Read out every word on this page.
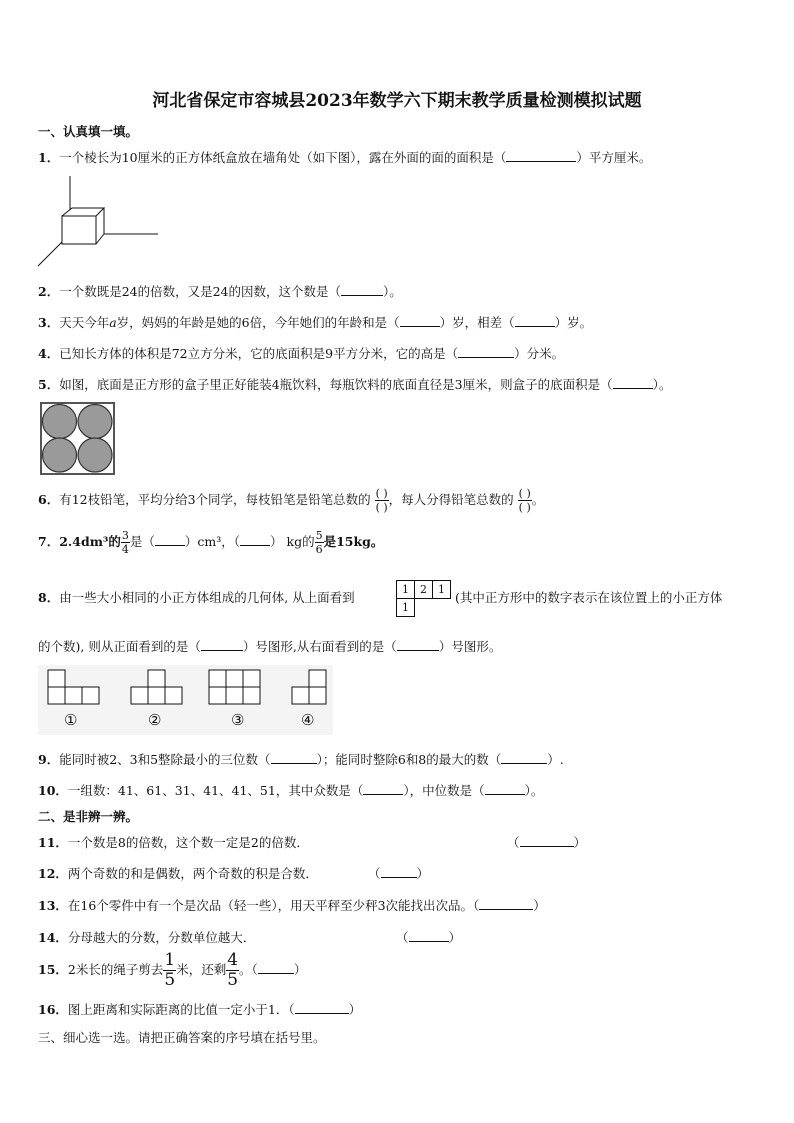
河北省保定市容城县2023年数学六下期末教学质量检测模拟试题
一、认真填一填。
1．一个棱长为10厘米的正方体纸盒放在墙角处（如下图），露在外面的面的面积是（	）平方厘米。
2．一个数既是24的倍数，又是24的因数，这个数是（	）。
3．天天今年a岁，妈妈的年龄是她的6倍，今年她们的年龄和是（	）岁，相差（	）岁。
4．已知长方体的体积是72立方分米，它的底面积是9平方分米，它的高是（	）分米。
5．如图，底面是正方形的盒子里正好能装4瓶饮料，每瓶饮料的底面直径是3厘米，则盒子的底面积是（	）。
6．有12枝铅笔，平均分给3个同学，每枝铅笔是铅笔总数的 $\frac{( )}{( )}$ ，每人分得铅笔总数的 $\frac{( )}{( )}$ 。
7．2.4dm³的 $\frac{3}{4}$ 是（ ）cm³，（ ） kg的 $\frac{5}{6}$ 是15kg。
8．由一些大小相同的小正方体组成的几何体, 从上面看到
1	2	1
1
(其中正方形中的数字表示在该位置上的小正方体
的个数), 则从正面看到的是（	）号图形,从右面看到的是（	）号图形。
①	②	③	④
9．能同时被2、3和5整除最小的三位数（	）；能同时整除6和8的最大的数（	）.
10．一组数：41、61、31、41、41、51，其中众数是（	），中位数是（	）。
二、是非辨一辨。
11．一个数是8的倍数，这个数一定是2的倍数．	（	）
12．两个奇数的和是偶数，两个奇数的积是合数．	（	）
13．在16个零件中有一个是次品（轻一些），用天平秤至少秤3次能找出次品。（	）
14．分母越大的分数，分数单位越大．	（	）
15．2米长的绳子剪去 $\frac{1}{5}$ 米，还剩 $\frac{4}{5}$ 。（	）
16．图上距离和实际距离的比值一定小于1．（	）
三、细心选一选。请把正确答案的序号填在括号里。
